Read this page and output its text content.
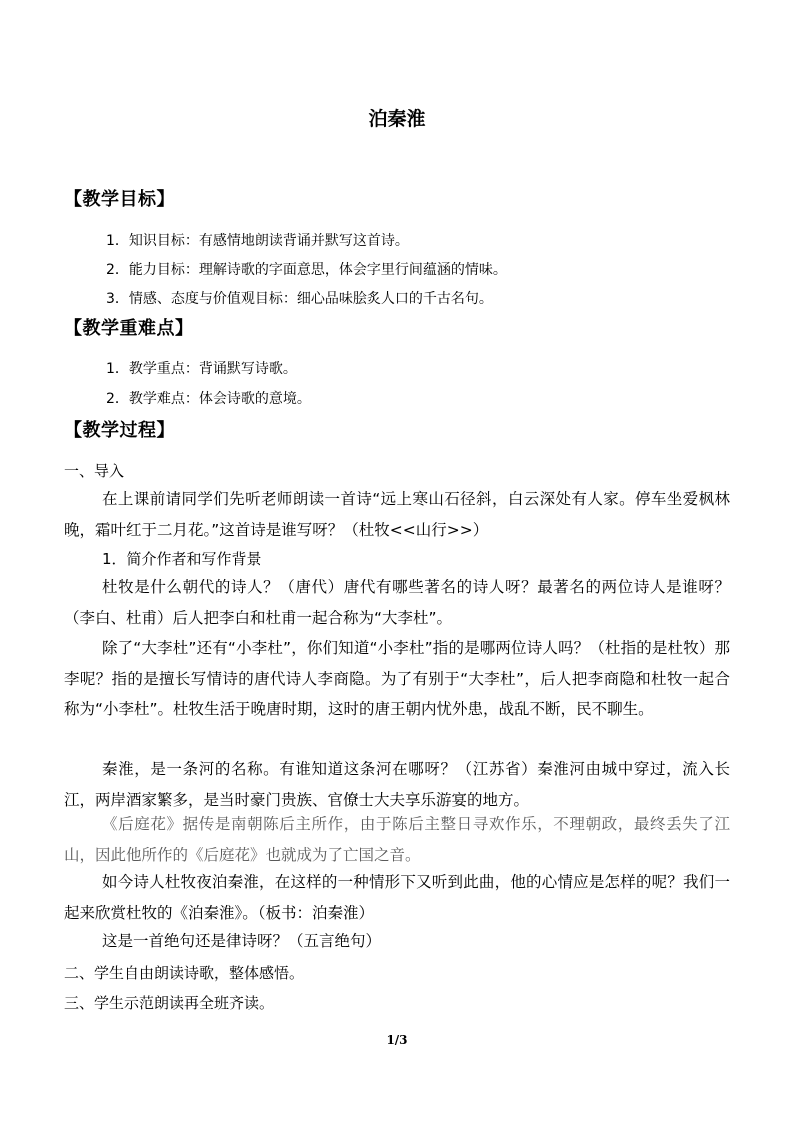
泊秦淮
【教学目标】
1．知识目标：有感情地朗读背诵并默写这首诗。
2．能力目标：理解诗歌的字面意思，体会字里行间蕴涵的情味。
3．情感、态度与价值观目标：细心品味脍炙人口的千古名句。
【教学重难点】
1．教学重点：背诵默写诗歌。
2．教学难点：体会诗歌的意境。
【教学过程】
一、导入
在上课前请同学们先听老师朗读一首诗“远上寒山石径斜，白云深处有人家。停车坐爱枫林晚，霜叶红于二月花。”这首诗是谁写呀？（杜牧<<山行>>）
1．简介作者和写作背景
杜牧是什么朝代的诗人？（唐代）唐代有哪些著名的诗人呀？最著名的两位诗人是谁呀？（李白、杜甫）后人把李白和杜甫一起合称为“大李杜”。
除了“大李杜”还有“小李杜”，你们知道“小李杜”指的是哪两位诗人吗？（杜指的是杜牧）那李呢？指的是擅长写情诗的唐代诗人李商隐。为了有别于“大李杜”，后人把李商隐和杜牧一起合称为“小李杜”。杜牧生活于晚唐时期，这时的唐王朝内忧外患，战乱不断，民不聊生。
秦淮，是一条河的名称。有谁知道这条河在哪呀？（江苏省）秦淮河由城中穿过，流入长江，两岸酒家繁多，是当时豪门贵族、官僚士大夫享乐游宴的地方。
《后庭花》据传是南朝陈后主所作，由于陈后主整日寻欢作乐，不理朝政，最终丢失了江山，因此他所作的《后庭花》也就成为了亡国之音。
如今诗人杜牧夜泊秦淮，在这样的一种情形下又听到此曲，他的心情应是怎样的呢？我们一起来欣赏杜牧的《泊秦淮》。（板书：泊秦淮）
这是一首绝句还是律诗呀？（五言绝句）
二、学生自由朗读诗歌，整体感悟。
三、学生示范朗读再全班齐读。
1/3
